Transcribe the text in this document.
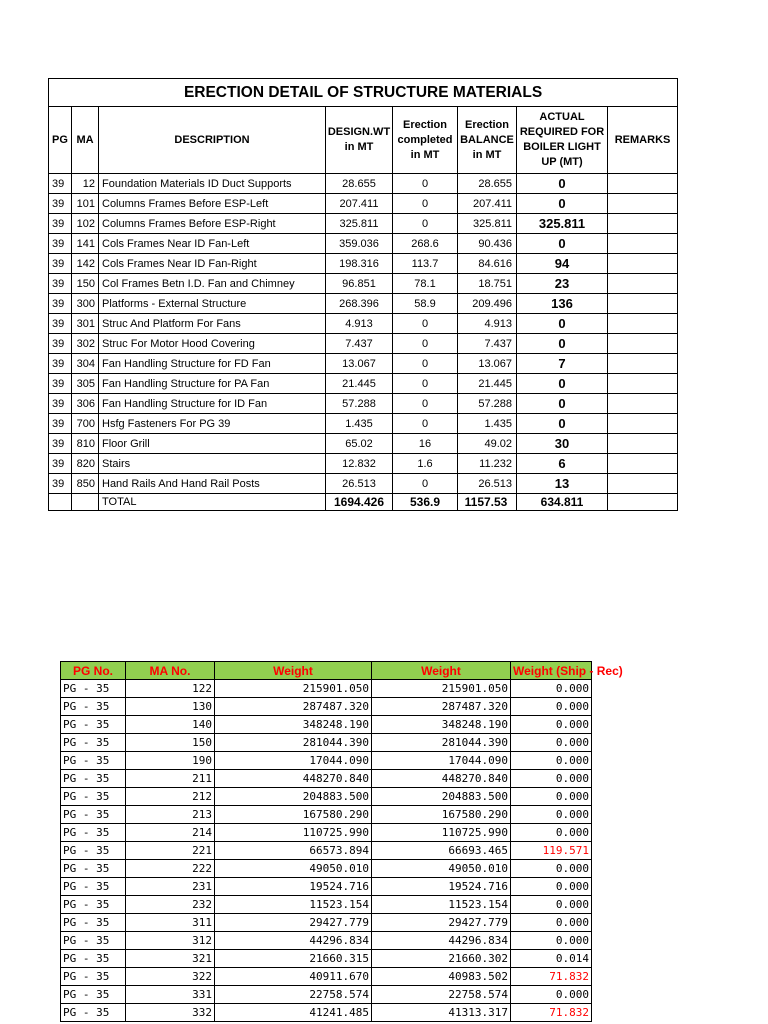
ERECTION DETAIL OF STRUCTURE MATERIALS							
PG	MA	DESCRIPTION	DESIGN.WT in MT	Erection completed in MT	Erection BALANCE in MT	ACTUAL REQUIRED FOR BOILER LIGHT UP (MT)	REMARKS
39	12	Foundation Materials ID Duct Supports	28.655	0	28.655	0	
39	101	Columns Frames Before ESP-Left	207.411	0	207.411	0	
39	102	Columns Frames Before ESP-Right	325.811	0	325.811	325.811	
39	141	Cols Frames Near ID Fan-Left	359.036	268.6	90.436	0	
39	142	Cols Frames Near ID Fan-Right	198.316	113.7	84.616	94	
39	150	Col Frames Betn I.D. Fan and Chimney	96.851	78.1	18.751	23	
39	300	Platforms - External Structure	268.396	58.9	209.496	136	
39	301	Struc And Platform For Fans	4.913	0	4.913	0	
39	302	Struc For Motor Hood Covering	7.437	0	7.437	0	
39	304	Fan Handling Structure for FD Fan	13.067	0	13.067	7	
39	305	Fan Handling Structure for PA Fan	21.445	0	21.445	0	
39	306	Fan Handling Structure for ID Fan	57.288	0	57.288	0	
39	700	Hsfg Fasteners For PG 39	1.435	0	1.435	0	
39	810	Floor Grill	65.02	16	49.02	30	
39	820	Stairs	12.832	1.6	11.232	6	
39	850	Hand Rails And Hand Rail Posts	26.513	0	26.513	13	
		TOTAL	1694.426	536.9	1157.53	634.811	
PG No.	MA No.	Weight	Weight	Weight (Ship - Rec)
PG - 35	122	215901.050	215901.050	0.000
PG - 35	130	287487.320	287487.320	0.000
PG - 35	140	348248.190	348248.190	0.000
PG - 35	150	281044.390	281044.390	0.000
PG - 35	190	17044.090	17044.090	0.000
PG - 35	211	448270.840	448270.840	0.000
PG - 35	212	204883.500	204883.500	0.000
PG - 35	213	167580.290	167580.290	0.000
PG - 35	214	110725.990	110725.990	0.000
PG - 35	221	66573.894	66693.465	119.571
PG - 35	222	49050.010	49050.010	0.000
PG - 35	231	19524.716	19524.716	0.000
PG - 35	232	11523.154	11523.154	0.000
PG - 35	311	29427.779	29427.779	0.000
PG - 35	312	44296.834	44296.834	0.000
PG - 35	321	21660.315	21660.302	0.014
PG - 35	322	40911.670	40983.502	71.832
PG - 35	331	22758.574	22758.574	0.000
PG - 35	332	41241.485	41313.317	71.832
